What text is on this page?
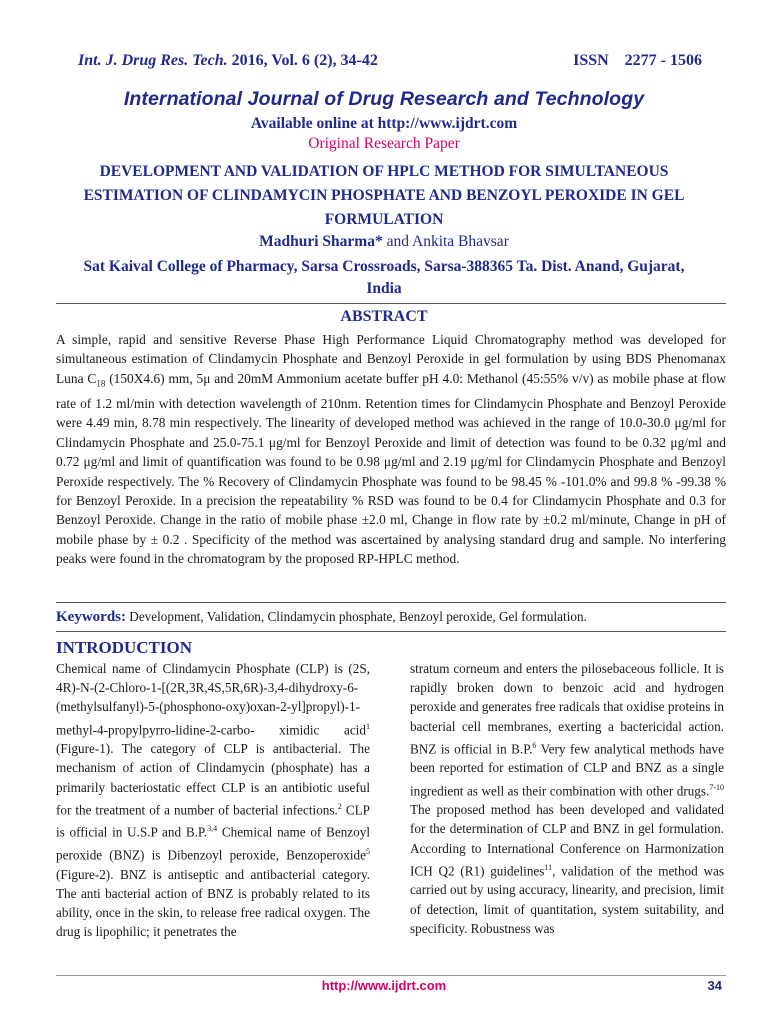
Int. J. Drug Res. Tech. 2016, Vol. 6 (2), 34-42	ISSN 2277 - 1506
International Journal of Drug Research and Technology
Available online at http://www.ijdrt.com
Original Research Paper
DEVELOPMENT AND VALIDATION OF HPLC METHOD FOR SIMULTANEOUS ESTIMATION OF CLINDAMYCIN PHOSPHATE AND BENZOYL PEROXIDE IN GEL FORMULATION
Madhuri Sharma* and Ankita Bhavsar
Sat Kaival College of Pharmacy, Sarsa Crossroads, Sarsa-388365 Ta. Dist. Anand, Gujarat, India
ABSTRACT

A simple, rapid and sensitive Reverse Phase High Performance Liquid Chromatography method was developed for simultaneous estimation of Clindamycin Phosphate and Benzoyl Peroxide in gel formulation by using BDS Phenomanax Luna $C_{18}$ (150X4.6) mm, 5μ and 20mM Ammonium acetate buffer pH 4.0: Methanol (45:55% v/v) as mobile phase at flow rate of 1.2 ml/min with detection wavelength of 210nm. Retention times for Clindamycin Phosphate and Benzoyl Peroxide were 4.49 min, 8.78 min respectively. The linearity of developed method was achieved in the range of 10.0-30.0 μg/ml for Clindamycin Phosphate and 25.0-75.1 μg/ml for Benzoyl Peroxide and limit of detection was found to be 0.32 μg/ml and 0.72 μg/ml and limit of quantification was found to be 0.98 μg/ml and 2.19 μg/ml for Clindamycin Phosphate and Benzoyl Peroxide respectively. The % Recovery of Clindamycin Phosphate was found to be 98.45 % -101.0% and 99.8 % -99.38 % for Benzoyl Peroxide. In a precision the repeatability % RSD was found to be 0.4 for Clindamycin Phosphate and 0.3 for Benzoyl Peroxide. Change in the ratio of mobile phase ±2.0 ml, Change in flow rate by ±0.2 ml/minute, Change in pH of mobile phase by ± 0.2 . Specificity of the method was ascertained by analysing standard drug and sample. No interfering peaks were found in the chromatogram by the proposed RP-HPLC method.

Keywords: Development, Validation, Clindamycin phosphate, Benzoyl peroxide, Gel formulation.
INTRODUCTION

Chemical name of Clindamycin Phosphate (CLP) is (2S, 4R)-N-(2-Chloro-1-[(2R,3R,4S,5R,6R)-3,4-dihydroxy-6-(methylsulfanyl)-5-(phosphono-oxy)oxan-2-yl]propyl)-1-methyl-4-propylpyrro-lidine-2-carbo- ximidic acid$^1$ (Figure-1). The category of CLP is antibacterial. The mechanism of action of Clindamycin (phosphate) has a primarily bacteriostatic effect CLP is an antibiotic useful for the treatment of a number of bacterial infections.$^2$ CLP is official in U.S.P and B.P.$^{3,4}$ Chemical name of Benzoyl peroxide (BNZ) is Dibenzoyl peroxide, Benzoperoxide$^5$ (Figure-2). BNZ is antiseptic and antibacterial category. The anti bacterial action of BNZ is probably related to its ability, once in the skin, to release free radical oxygen. The drug is lipophilic; it penetrates the

stratum corneum and enters the pilosebaceous follicle. It is rapidly broken down to benzoic acid and hydrogen peroxide and generates free radicals that oxidise proteins in bacterial cell membranes, exerting a bactericidal action. BNZ is official in B.P.$^6$ Very few analytical methods have been reported for estimation of CLP and BNZ as a single ingredient as well as their combination with other drugs.$^{7-10}$ The proposed method has been developed and validated for the determination of CLP and BNZ in gel formulation. According to International Conference on Harmonization ICH Q2 (R1) guidelines$^{11}$, validation of the method was carried out by using accuracy, linearity, and precision, limit of detection, limit of quantitation, system suitability, and specificity. Robustness was

http://www.ijdrt.com	34
